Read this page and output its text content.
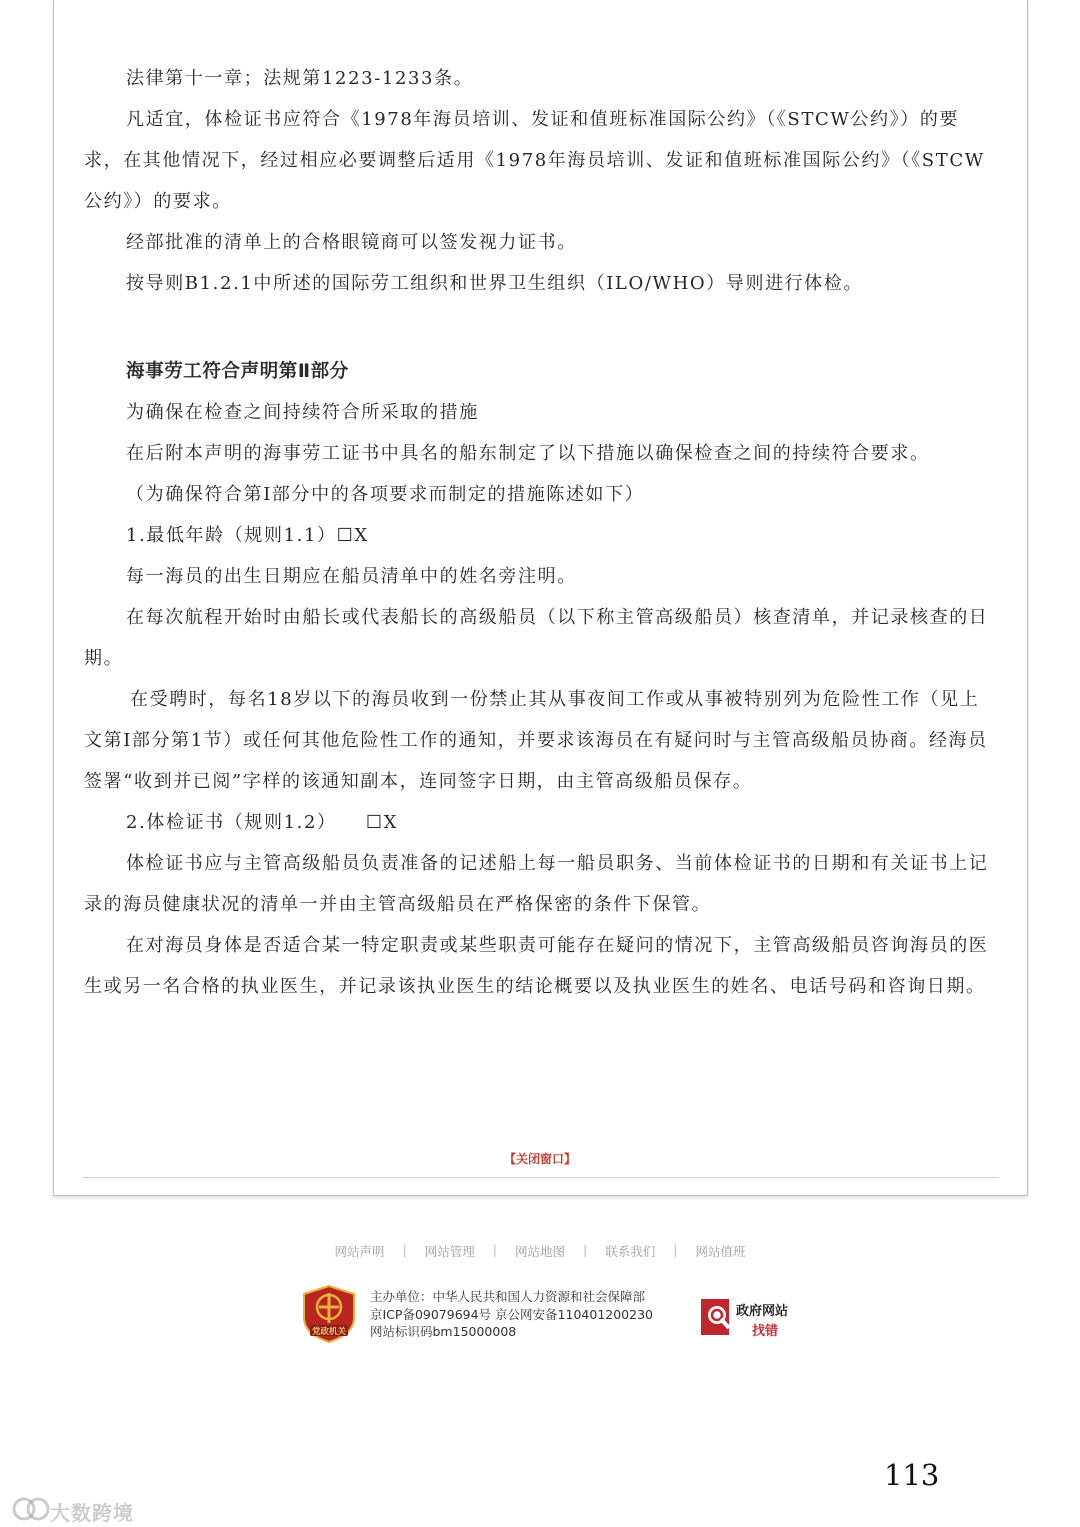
法律第十一章；法规第1223-1233条。

凡适宜，体检证书应符合《1978年海员培训、发证和值班标准国际公约》（《STCW公约》）的要求，在其他情况下，经过相应必要调整后适用《1978年海员培训、发证和值班标准国际公约》（《STCW公约》）的要求。

经部批准的清单上的合格眼镜商可以签发视力证书。

按导则B1.2.1中所述的国际劳工组织和世界卫生组织（ILO/WHO）导则进行体检。

海事劳工符合声明第Ⅱ部分

为确保在检查之间持续符合所采取的措施

在后附本声明的海事劳工证书中具名的船东制定了以下措施以确保检查之间的持续符合要求。

（为确保符合第Ⅰ部分中的各项要求而制定的措施陈述如下）

1.最低年龄（规则1.1）☐X

每一海员的出生日期应在船员清单中的姓名旁注明。

在每次航程开始时由船长或代表船长的高级船员（以下称主管高级船员）核查清单，并记录核查的日期。

在受聘时，每名18岁以下的海员收到一份禁止其从事夜间工作或从事被特别列为危险性工作（见上文第Ⅰ部分第1节）或任何其他危险性工作的通知，并要求该海员在有疑问时与主管高级船员协商。经海员签署“收到并已阅”字样的该通知副本，连同签字日期，由主管高级船员保存。

2.体检证书（规则1.2）    ☐X

体检证书应与主管高级船员负责准备的记述船上每一船员职务、当前体检证书的日期和有关证书上记录的海员健康状况的清单一并由主管高级船员在严格保密的条件下保管。

在对海员身体是否适合某一特定职责或某些职责可能存在疑问的情况下，主管高级船员咨询海员的医生或另一名合格的执业医生，并记录该执业医生的结论概要以及执业医生的姓名、电话号码和咨询日期。

【关闭窗口】
网站声明	|	网站管理	|	网站地图	|	联系我们	|	网站值班
党政机关
主办单位：中华人民共和国人力资源和社会保障部
京ICP备09079694号 京公网安备110401200230
网站标识码bm15000008
政府网站
找错
113
大数跨境
